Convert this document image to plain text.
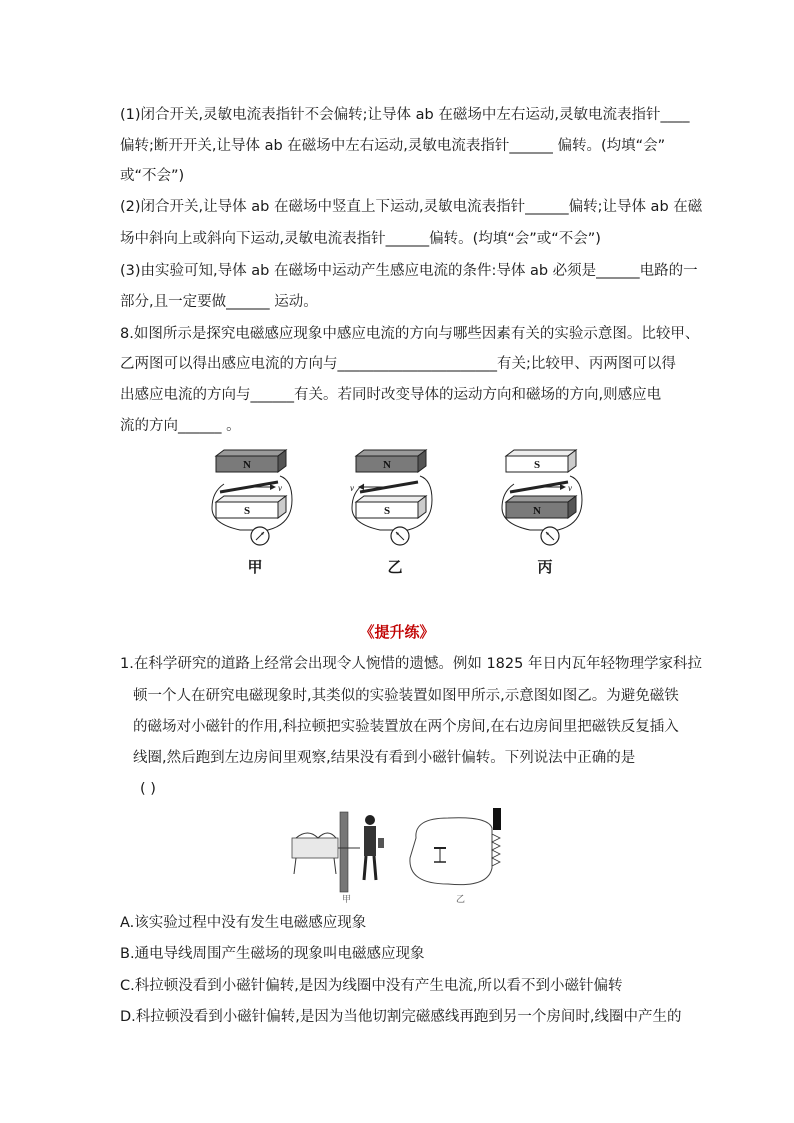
(1)闭合开关,灵敏电流表指针不会偏转;让导体 ab 在磁场中左右运动,灵敏电流表指针____
偏转;断开开关,让导体 ab 在磁场中左右运动,灵敏电流表指针______ 偏转。(均填“会”
或“不会”)
(2)闭合开关,让导体 ab 在磁场中竖直上下运动,灵敏电流表指针______偏转;让导体 ab 在磁
场中斜向上或斜向下运动,灵敏电流表指针______偏转。(均填“会”或“不会”)
(3)由实验可知,导体 ab 在磁场中运动产生感应电流的条件:导体 ab 必须是______电路的一
部分,且一定要做______ 运动。
8.如图所示是探究电磁感应现象中感应电流的方向与哪些因素有关的实验示意图。比较甲、
乙两图可以得出感应电流的方向与______________________有关;比较甲、丙两图可以得
出感应电流的方向与______有关。若同时改变导体的运动方向和磁场的方向,则感应电
流的方向______ 。
N
v
S
甲
N
v
S
乙
S
v
N
丙
《提升练》
1.在科学研究的道路上经常会出现令人惋惜的遗憾。例如 1825 年日内瓦年轻物理学家科拉
顿一个人在研究电磁现象时,其类似的实验装置如图甲所示,示意图如图乙。为避免磁铁
的磁场对小磁针的作用,科拉顿把实验装置放在两个房间,在右边房间里把磁铁反复插入
线圈,然后跑到左边房间里观察,结果没有看到小磁针偏转。下列说法中正确的是
( )
甲	乙
A.该实验过程中没有发生电磁感应现象
B.通电导线周围产生磁场的现象叫电磁感应现象
C.科拉顿没看到小磁针偏转,是因为线圈中没有产生电流,所以看不到小磁针偏转
D.科拉顿没看到小磁针偏转,是因为当他切割完磁感线再跑到另一个房间时,线圈中产生的
